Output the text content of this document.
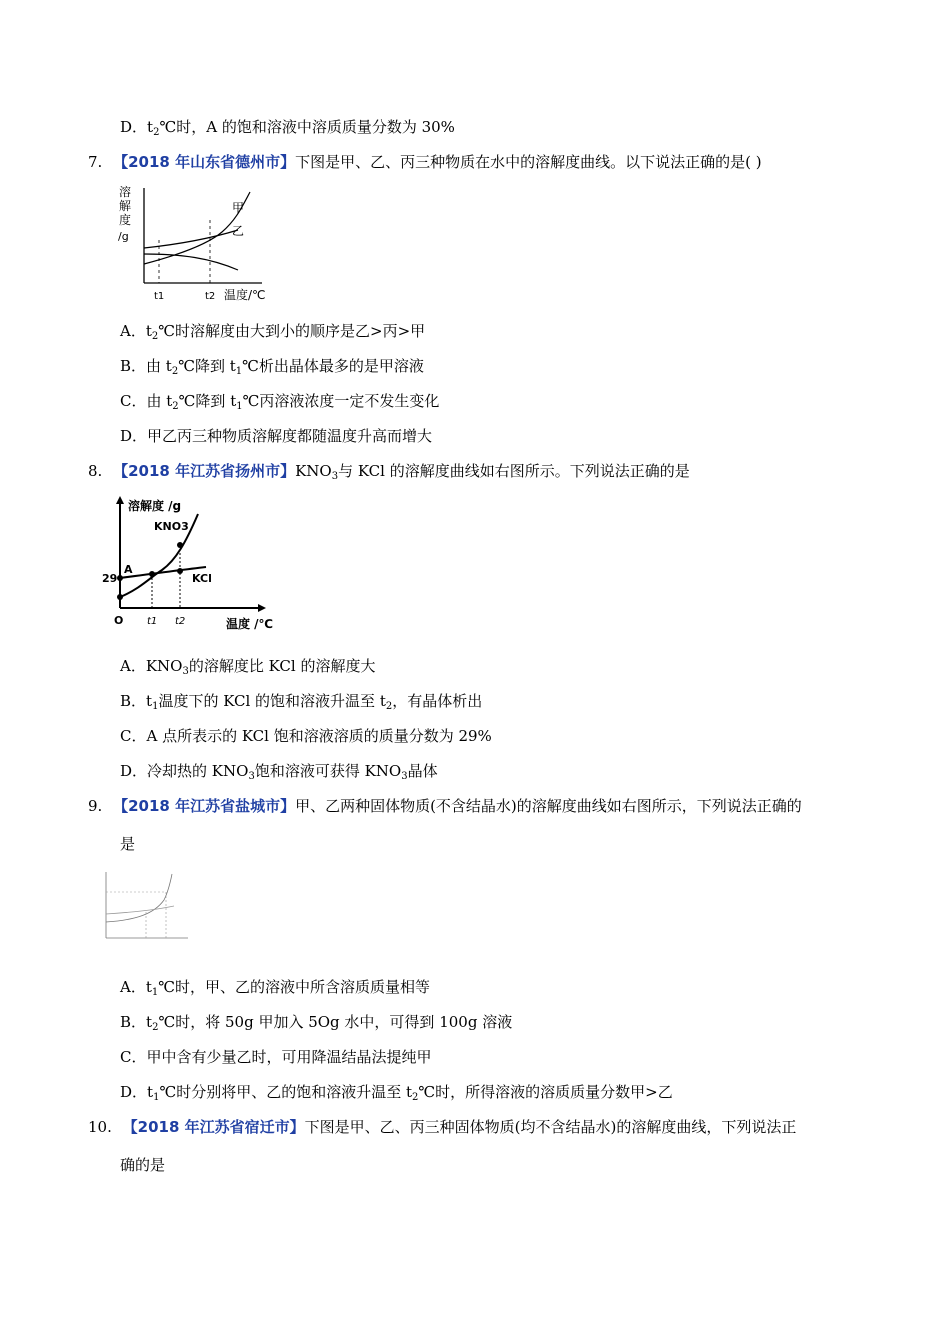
D．$t_2℃$时，A 的饱和溶液中溶质质量分数为 30%
7. 【2018 年山东省德州市】下图是甲、乙、丙三种物质在水中的溶解度曲线。以下说法正确的是( )
溶
解
度
/g
甲
乙
t1	t2 温度/℃
A．$t_2℃$时溶解度由大到小的顺序是乙>丙>甲
B．由 $t_2℃$降到 $t_1℃$析出晶体最多的是甲溶液
C．由 $t_2℃$降到 $t_1℃$丙溶液浓度一定不发生变化
D．甲乙丙三种物质溶解度都随温度升高而增大
8. 【2018 年江苏省扬州市】$KNO_3$与 KCl 的溶解度曲线如右图所示。下列说法正确的是
溶解度 /g
KNO3
KCl
A
29
O t1 t2	温度 /℃
A．$KNO_3$的溶解度比 KCl 的溶解度大
B．$t_1$温度下的 KCl 的饱和溶液升温至 $t_2$，有晶体析出
C．A 点所表示的 KCl 饱和溶液溶质的质量分数为 29%
D．冷却热的 $KNO_3$饱和溶液可获得 $KNO_3$晶体
9. 【2018 年江苏省盐城市】甲、乙两种固体物质(不含结晶水)的溶解度曲线如右图所示，下列说法正确的
是
A．$t_1℃$时，甲、乙的溶液中所含溶质质量相等
B．$t_2℃$时，将 50g 甲加入 5Og 水中，可得到 100g 溶液
C．甲中含有少量乙时，可用降温结晶法提纯甲
D．$t_1℃$时分别将甲、乙的饱和溶液升温至 $t_2℃$时，所得溶液的溶质质量分数甲>乙
10. 【2018 年江苏省宿迁市】下图是甲、乙、丙三种固体物质(均不含结晶水)的溶解度曲线，下列说法正
确的是
